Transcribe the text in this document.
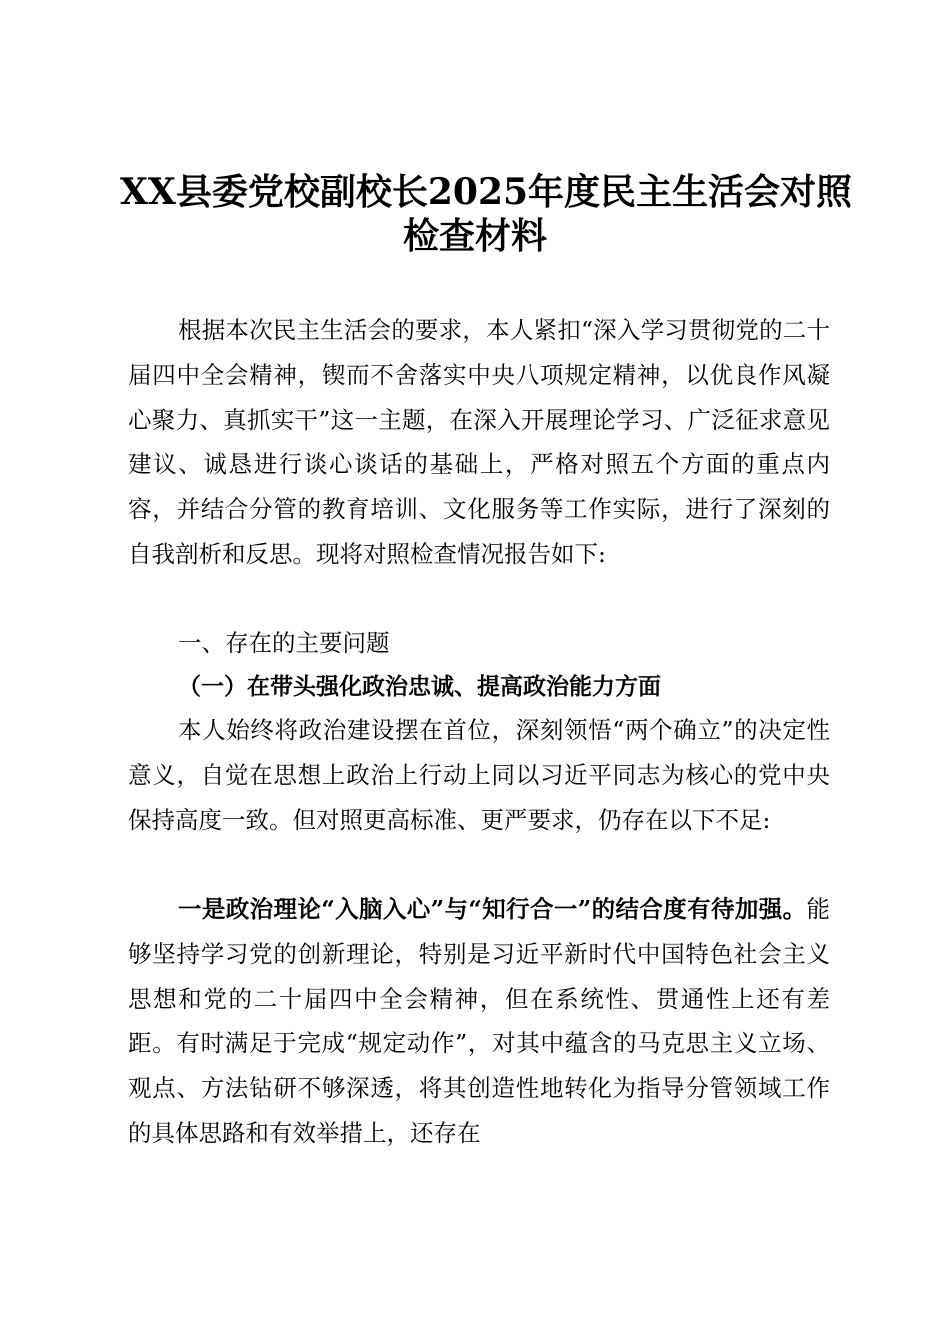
XX县委党校副校长2025年度民主生活会对照
检查材料

根据本次民主生活会的要求，本人紧扣“深入学习贯彻党的二十届四中全会精神，锲而不舍落实中央八项规定精神，以优良作风凝心聚力、真抓实干”这一主题，在深入开展理论学习、广泛征求意见建议、诚恳进行谈心谈话的基础上，严格对照五个方面的重点内容，并结合分管的教育培训、文化服务等工作实际，进行了深刻的自我剖析和反思。现将对照检查情况报告如下:

一、存在的主要问题
（一）在带头强化政治忠诚、提高政治能力方面

本人始终将政治建设摆在首位，深刻领悟“两个确立”的决定性意义，自觉在思想上政治上行动上同以习近平同志为核心的党中央保持高度一致。但对照更高标准、更严要求，仍存在以下不足:

一是政治理论“入脑入心”与“知行合一”的结合度有待加强。能够坚持学习党的创新理论，特别是习近平新时代中国特色社会主义思想和党的二十届四中全会精神，但在系统性、贯通性上还有差距。有时满足于完成“规定动作”，对其中蕴含的马克思主义立场、观点、方法钻研不够深透，将其创造性地转化为指导分管领域工作的具体思路和有效举措上，还存在
